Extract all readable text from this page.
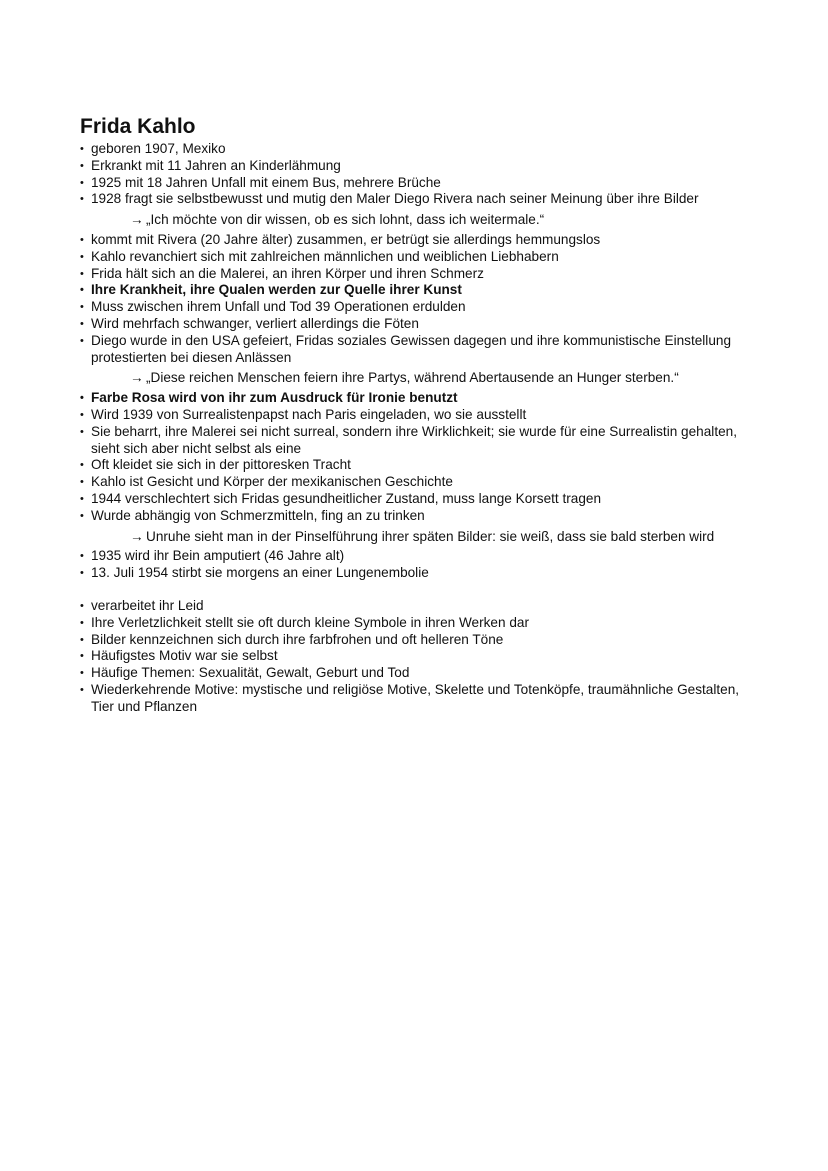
Frida Kahlo
• geboren 1907, Mexiko
• Erkrankt mit 11 Jahren an Kinderlähmung
• 1925 mit 18 Jahren Unfall mit einem Bus, mehrere Brüche
• 1928 fragt sie selbstbewusst und mutig den Maler Diego Rivera nach seiner Meinung über ihre Bilder
→ „Ich möchte von dir wissen, ob es sich lohnt, dass ich weitermale.“
• kommt mit Rivera (20 Jahre älter) zusammen, er betrügt sie allerdings hemmungslos
• Kahlo revanchiert sich mit zahlreichen männlichen und weiblichen Liebhabern
• Frida hält sich an die Malerei, an ihren Körper und ihren Schmerz
• Ihre Krankheit, ihre Qualen werden zur Quelle ihrer Kunst
• Muss zwischen ihrem Unfall und Tod 39 Operationen erdulden
• Wird mehrfach schwanger, verliert allerdings die Föten
• Diego wurde in den USA gefeiert, Fridas soziales Gewissen dagegen und ihre kommunistische Einstellung protestierten bei diesen Anlässen
→ „Diese reichen Menschen feiern ihre Partys, während Abertausende an Hunger sterben.“
• Farbe Rosa wird von ihr zum Ausdruck für Ironie benutzt
• Wird 1939 von Surrealistenpapst nach Paris eingeladen, wo sie ausstellt
• Sie beharrt, ihre Malerei sei nicht surreal, sondern ihre Wirklichkeit; sie wurde für eine Surrealistin gehalten, sieht sich aber nicht selbst als eine
• Oft kleidet sie sich in der pittoresken Tracht
• Kahlo ist Gesicht und Körper der mexikanischen Geschichte
• 1944 verschlechtert sich Fridas gesundheitlicher Zustand, muss lange Korsett tragen
• Wurde abhängig von Schmerzmitteln, fing an zu trinken
→ Unruhe sieht man in der Pinselführung ihrer späten Bilder: sie weiß, dass sie bald sterben wird
• 1935 wird ihr Bein amputiert (46 Jahre alt)
• 13. Juli 1954 stirbt sie morgens an einer Lungenembolie
• verarbeitet ihr Leid
• Ihre Verletzlichkeit stellt sie oft durch kleine Symbole in ihren Werken dar
• Bilder kennzeichnen sich durch ihre farbfrohen und oft helleren Töne
• Häufigstes Motiv war sie selbst
• Häufige Themen: Sexualität, Gewalt, Geburt und Tod
• Wiederkehrende Motive: mystische und religiöse Motive, Skelette und Totenköpfe, traumähnliche Gestalten, Tier und Pflanzen
